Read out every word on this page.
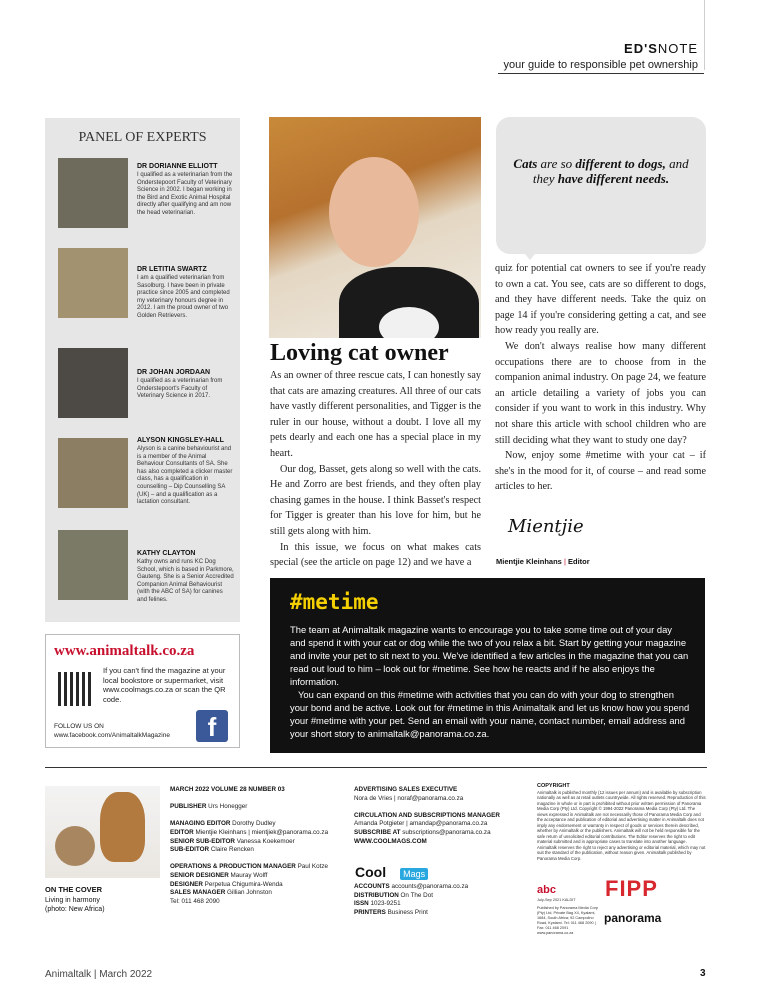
ED'SNOTE
your guide to responsible pet ownership
PANEL OF EXPERTS
DR DORIANNE ELLIOTT
I qualified as a veterinarian from the Onderstepoort Faculty of Veterinary Science in 2002. I began working in the Bird and Exotic Animal Hospital directly after qualifying and am now the head veterinarian.
DR LETITIA SWARTZ
I am a qualified veterinarian from Sasolburg. I have been in private practice since 2005 and completed my veterinary honours degree in 2012. I am the proud owner of two Golden Retrievers.
DR JOHAN JORDAAN
I qualified as a veterinarian from Onderstepoort's Faculty of Veterinary Science in 2017.
ALYSON KINGSLEY-HALL
Alyson is a canine behaviourist and is a member of the Animal Behaviour Consultants of SA. She has also completed a clicker master class, has a qualification in counselling – Dip Counselling SA (UK) – and a qualification as a lactation consultant.
KATHY CLAYTON
Kathy owns and runs KC Dog School, which is based in Parkmore, Gauteng. She is a Senior Accredited Companion Animal Behaviourist (with the ABC of SA) for canines and felines.
www.animaltalk.co.za
If you can't find the magazine at your local bookstore or supermarket, visit www.coolmags.co.za or scan the QR code.
FOLLOW US ON
www.facebook.com/AnimaltalkMagazine	f
Loving cat owner

As an owner of three rescue cats, I can honestly say that cats are amazing creatures. All three of our cats have vastly different personalities, and Tigger is the ruler in our house, without a doubt. I love all my pets dearly and each one has a special place in my heart.

Our dog, Basset, gets along so well with the cats. He and Zorro are best friends, and they often play chasing games in the house. I think Basset's respect for Tigger is greater than his love for him, but he still gets along with him.

In this issue, we focus on what makes cats special (see the article on page 12) and we have a

Cats are so different to dogs, and they have different needs.

quiz for potential cat owners to see if you're ready to own a cat. You see, cats are so different to dogs, and they have different needs. Take the quiz on page 14 if you're considering getting a cat, and see how ready you really are.

We don't always realise how many different occupations there are to choose from in the companion animal industry. On page 24, we feature an article detailing a variety of jobs you can consider if you want to work in this industry. Why not share this article with school children who are still deciding what they want to study one day?

Now, enjoy some #metime with your cat – if she's in the mood for it, of course – and read some articles to her.

Mientjie
Mientjie Kleinhans | Editor
#metime

The team at Animaltalk magazine wants to encourage you to take some time out of your day and spend it with your cat or dog while the two of you relax a bit. Start by getting your magazine and invite your pet to sit next to you. We've identified a few articles in the magazine that you can read out loud to him – look out for #metime. See how he reacts and if he also enjoys the information.

You can expand on this #metime with activities that you can do with your dog to strengthen your bond and be active. Look out for #metime in this Animaltalk and let us know how you spend your #metime with your pet. Send an email with your name, contact number, email address and your short story to animaltalk@panorama.co.za.

ON THE COVER
Living in harmony
(photo: New Africa)
MARCH 2022 VOLUME 28 NUMBER 03

PUBLISHER Urs Honegger

MANAGING EDITOR Dorothy Dudley
EDITOR Mientjie Kleinhans | mientjiek@panorama.co.za
SENIOR SUB-EDITOR Vanessa Koekemoer
SUB-EDITOR Claire Rencken

OPERATIONS & PRODUCTION MANAGER Paul Kotze
SENIOR DESIGNER Mauray Wolff
DESIGNER Perpetua Chigumira-Wenda
SALES MANAGER Gillian Johnston
Tel: 011 468 2090
ADVERTISING SALES EXECUTIVE
Nora de Vries | noraf@panorama.co.za

CIRCULATION AND SUBSCRIPTIONS MANAGER
Amanda Potgieter | amandap@panorama.co.za
SUBSCRIBE AT subscriptions@panorama.co.za
WWW.COOLMAGS.COM
Cool Mags
ACCOUNTS accounts@panorama.co.za
DISTRIBUTION On The Dot
ISSN 1023-9251
PRINTERS Business Print
COPYRIGHT
Animaltalk is published monthly (12 issues per annum) and is available by subscription nationally as well as at retail outlets countrywide. All rights reserved. Reproduction of this magazine in whole or in part is prohibited without prior written permission of Panorama Media Corp (Pty) Ltd. Copyright © 1994-2022 Panorama Media Corp (Pty) Ltd. The views expressed in Animaltalk are not necessarily those of Panorama Media Corp and the acceptance and publication of editorial and advertising matter in Animaltalk does not imply any endorsement or warranty in respect of goods or services therein described, whether by Animaltalk or the publishers. Animaltalk will not be held responsible for the safe return of unsolicited editorial contributions. The Editor reserves the right to edit material submitted and in appropriate cases to translate into another language. Animaltalk reserves the right to reject any advertising or editorial material, which may not suit the standard of the publication, without reason given. Animaltalk published by Panorama Media Corp.
abc
July-Sep 2021 KALDIT FIPP
Published by Panorama Media Corp (Pty) Ltd, Private Bag X4, Kyalami, 1684, South Africa; 92 Campolino Road, Kyalami. Tel: 011 468 2090 | Fax: 011 468 2091 www.panorama.co.za
panorama
Animaltalk | March 2022	3
